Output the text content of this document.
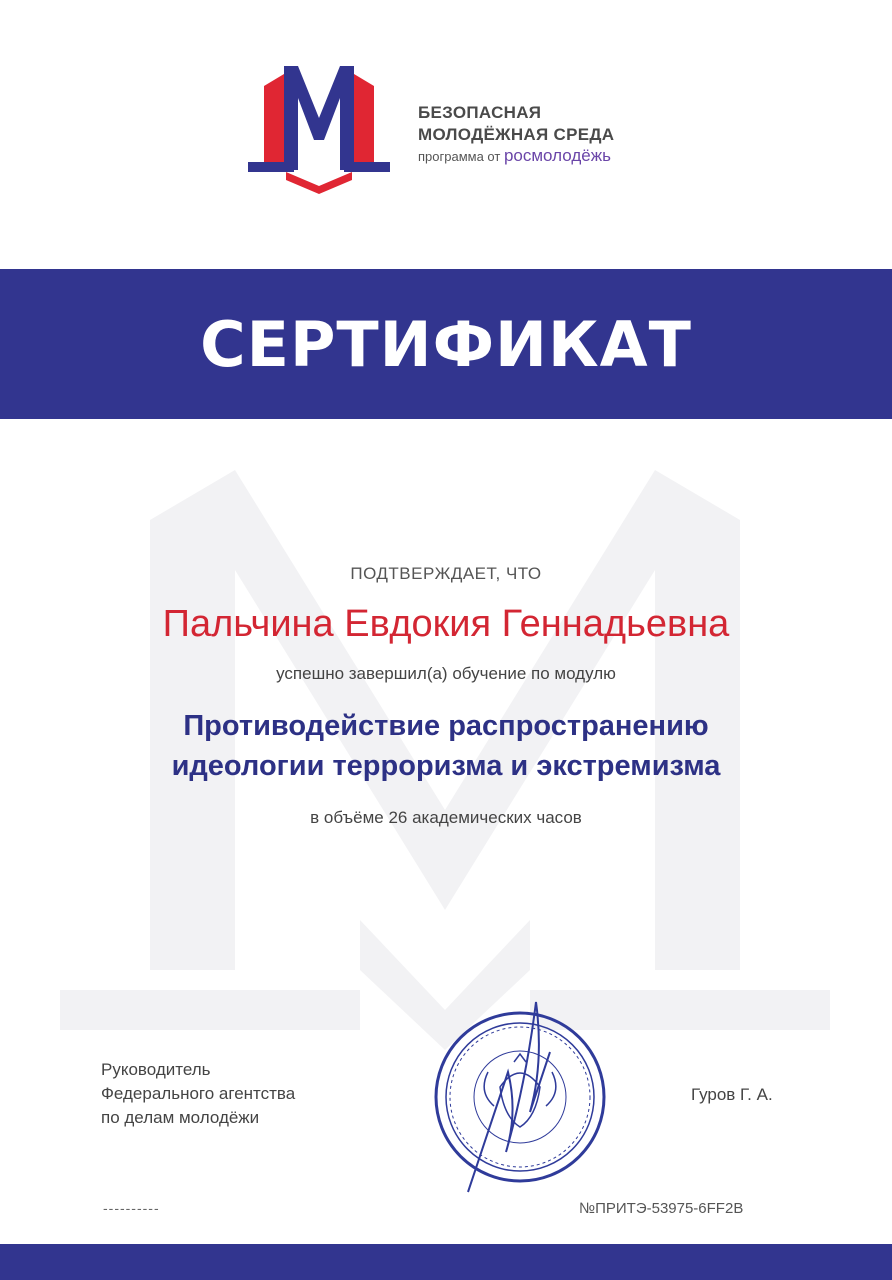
БЕЗОПАСНАЯ
МОЛОДЁЖНАЯ СРЕДА
программа от росмолодёжь
СЕРТИФИКАТ
ПОДТВЕРЖДАЕТ, ЧТО
Пальчина Евдокия Геннадьевна
успешно завершил(а) обучение по модулю
Противодействие распространению
идеологии терроризма и экстремизма
в объёме 26 академических часов
Руководитель
Федерального агентства
по делам молодёжи
Гуров Г. А.
----------	№ПРИТЭ-53975-6FF2B
